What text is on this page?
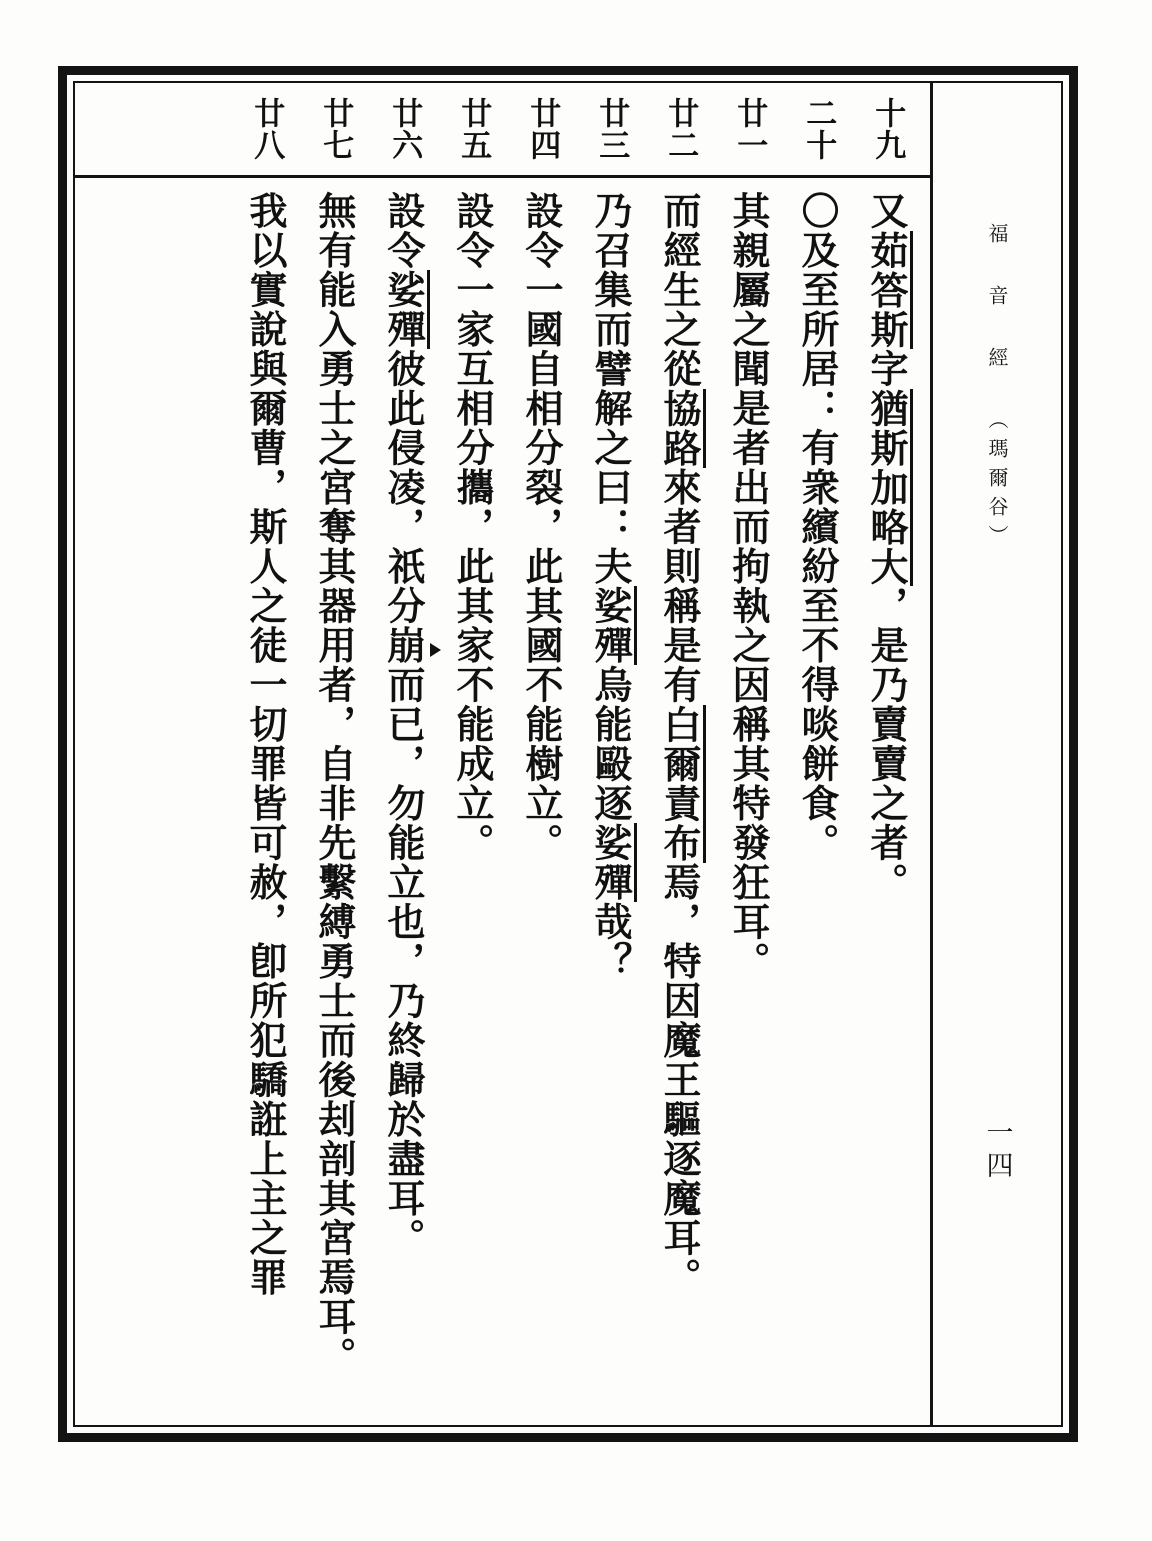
福 音 經 （瑪爾谷）
一四
十九

又茹答斯字猶斯加略大，是乃賣賣之者。

二十

〇及至所居：有衆繽紛至不得啖餅食。

廿一

其親屬之聞是者出而拘執之因稱其特發狂耳。

廿二

而經生之從協路來者則稱是有白爾責布焉，特因魔王驅逐魔耳。

廿三

乃召集而譬解之曰：夫娑殫烏能毆逐娑殫哉？

廿四

設令一國自相分裂，此其國不能樹立。

廿五

設令一家互相分攜，此其家不能成立。

廿六

設令娑殫彼此侵凌，祇分崩而已，勿能立也，乃終歸於盡耳。

廿七

無有能入勇士之宮奪其器用者，自非先繫縛勇士而後刦剖其宮焉耳。

廿八

我以實說與爾曹，斯人之徒一切罪皆可赦，卽所犯驕誑上主之罪
